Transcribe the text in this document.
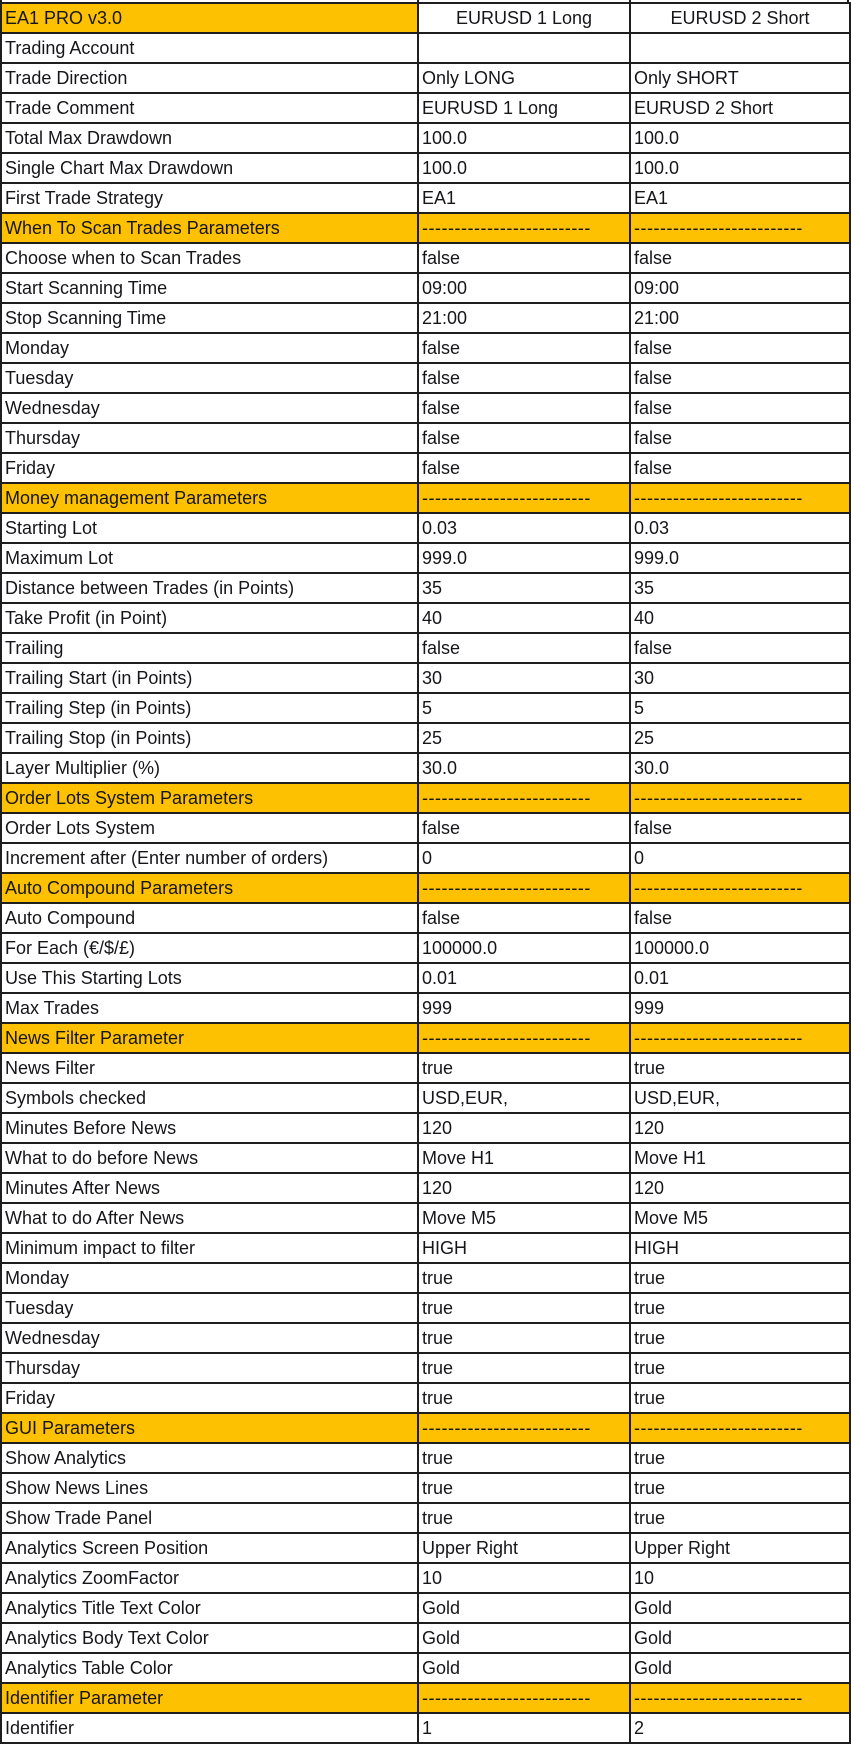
EA1 PRO v3.0	EURUSD 1 Long	EURUSD 2 Short
Trading Account		
Trade Direction	Only LONG	Only SHORT
Trade Comment	EURUSD 1 Long	EURUSD 2 Short
Total Max Drawdown	100.0	100.0
Single Chart Max Drawdown	100.0	100.0
First Trade Strategy	EA1	EA1
When To Scan Trades Parameters	--------------------------	--------------------------
Choose when to Scan Trades	false	false
Start Scanning Time	09:00	09:00
Stop Scanning Time	21:00	21:00
Monday	false	false
Tuesday	false	false
Wednesday	false	false
Thursday	false	false
Friday	false	false
Money management Parameters	--------------------------	--------------------------
Starting Lot	0.03	0.03
Maximum Lot	999.0	999.0
Distance between Trades (in Points)	35	35
Take Profit (in Point)	40	40
Trailing	false	false
Trailing Start (in Points)	30	30
Trailing Step (in Points)	5	5
Trailing Stop (in Points)	25	25
Layer Multiplier (%)	30.0	30.0
Order Lots System Parameters	--------------------------	--------------------------
Order Lots System	false	false
Increment after (Enter number of orders)	0	0
Auto Compound Parameters	--------------------------	--------------------------
Auto Compound	false	false
For Each (€/$/£)	100000.0	100000.0
Use This Starting Lots	0.01	0.01
Max Trades	999	999
News Filter Parameter	--------------------------	--------------------------
News Filter	true	true
Symbols checked	USD,EUR,	USD,EUR,
Minutes Before News	120	120
What to do before News	Move H1	Move H1
Minutes After News	120	120
What to do After News	Move M5	Move M5
Minimum impact to filter	HIGH	HIGH
Monday	true	true
Tuesday	true	true
Wednesday	true	true
Thursday	true	true
Friday	true	true
GUI Parameters	--------------------------	--------------------------
Show Analytics	true	true
Show News Lines	true	true
Show Trade Panel	true	true
Analytics Screen Position	Upper Right	Upper Right
Analytics ZoomFactor	10	10
Analytics Title Text Color	Gold	Gold
Analytics Body Text Color	Gold	Gold
Analytics Table Color	Gold	Gold
Identifier Parameter	--------------------------	--------------------------
Identifier	1	2
